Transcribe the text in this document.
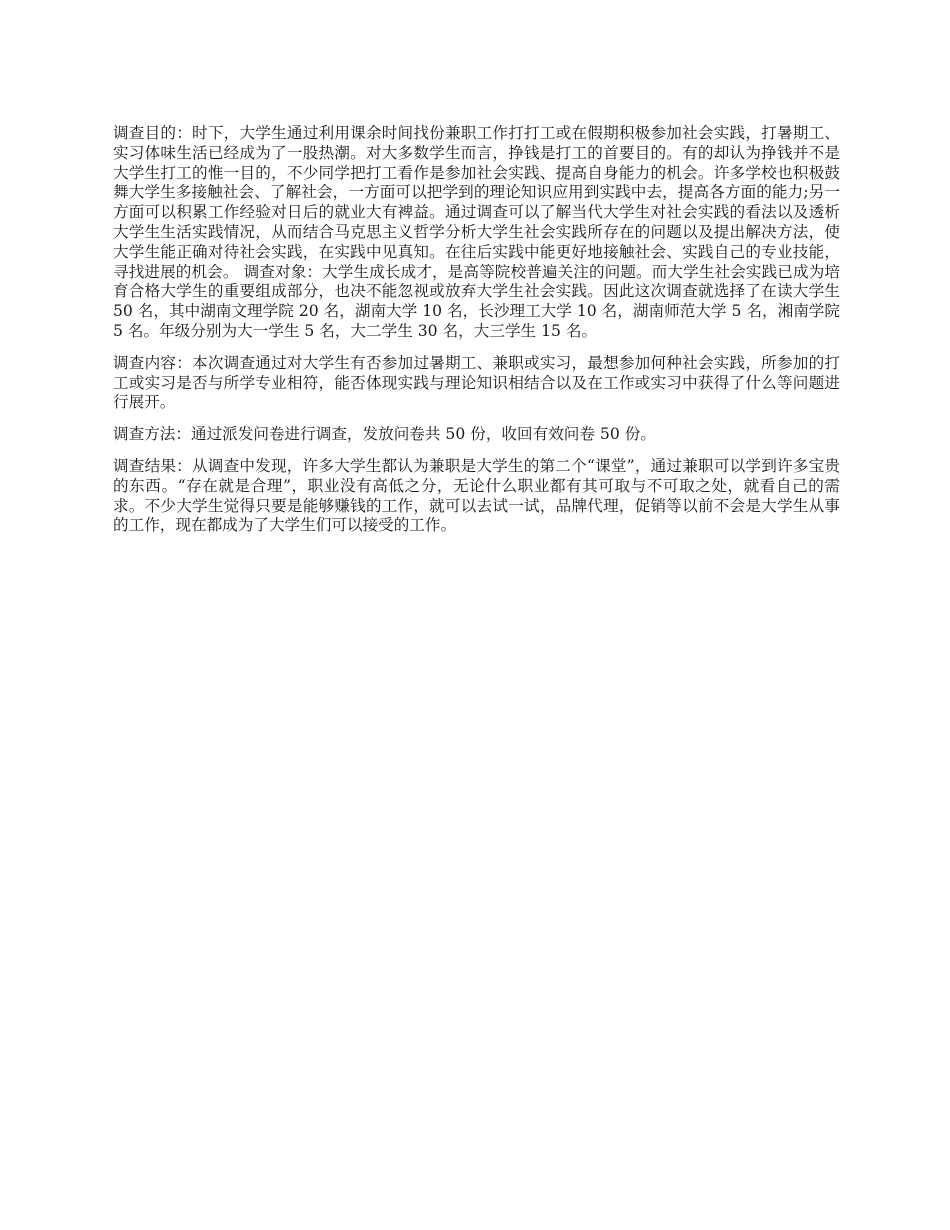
调查目的：时下，大学生通过利用课余时间找份兼职工作打打工或在假期积极参加社会实践，打暑期工、实习体味生活已经成为了一股热潮。对大多数学生而言，挣钱是打工的首要目的。有的却认为挣钱并不是大学生打工的惟一目的，不少同学把打工看作是参加社会实践、提高自身能力的机会。许多学校也积极鼓舞大学生多接触社会、了解社会，一方面可以把学到的理论知识应用到实践中去，提高各方面的能力;另一方面可以积累工作经验对日后的就业大有裨益。通过调查可以了解当代大学生对社会实践的看法以及透析大学生生活实践情况，从而结合马克思主义哲学分析大学生社会实践所存在的问题以及提出解决方法，使大学生能正确对待社会实践，在实践中见真知。在往后实践中能更好地接触社会、实践自己的专业技能，寻找进展的机会。 调查对象：大学生成长成才，是高等院校普遍关注的问题。而大学生社会实践已成为培育合格大学生的重要组成部分，也决不能忽视或放弃大学生社会实践。因此这次调查就选择了在读大学生 50 名，其中湖南文理学院 20 名，湖南大学 10 名，长沙理工大学 10 名，湖南师范大学 5 名，湘南学院 5 名。年级分别为大一学生 5 名，大二学生 30 名，大三学生 15 名。

调查内容：本次调查通过对大学生有否参加过暑期工、兼职或实习，最想参加何种社会实践，所参加的打工或实习是否与所学专业相符，能否体现实践与理论知识相结合以及在工作或实习中获得了什么等问题进行展开。

调查方法：通过派发问卷进行调查，发放问卷共 50 份，收回有效问卷 50 份。

调查结果：从调查中发现，许多大学生都认为兼职是大学生的第二个“课堂”，通过兼职可以学到许多宝贵的东西。“存在就是合理”，职业没有高低之分，无论什么职业都有其可取与不可取之处，就看自己的需求。不少大学生觉得只要是能够赚钱的工作，就可以去试一试，品牌代理，促销等以前不会是大学生从事的工作，现在都成为了大学生们可以接受的工作。
